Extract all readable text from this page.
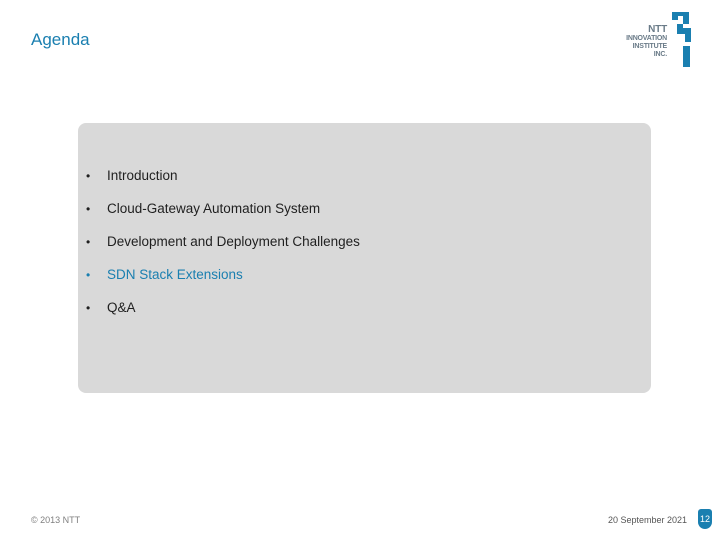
Agenda
NTT
INNOVATION
INSTITUTE
INC.
•	Introduction
•	Cloud-Gateway Automation System
•	Development and Deployment Challenges
•	SDN Stack Extensions
•	Q&A
© 2013 NTT	20 September 2021 12
